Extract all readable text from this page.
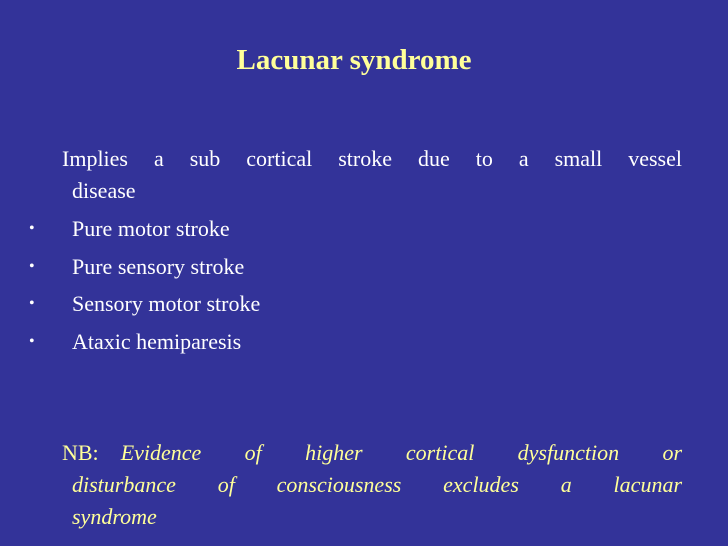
Lacunar syndrome
Implies a sub cortical stroke due to a small vessel
disease
• Pure motor stroke
• Pure sensory stroke
• Sensory motor stroke
• Ataxic hemiparesis
NB: Evidence of higher cortical dysfunction or
disturbance of consciousness excludes a lacunar
syndrome
